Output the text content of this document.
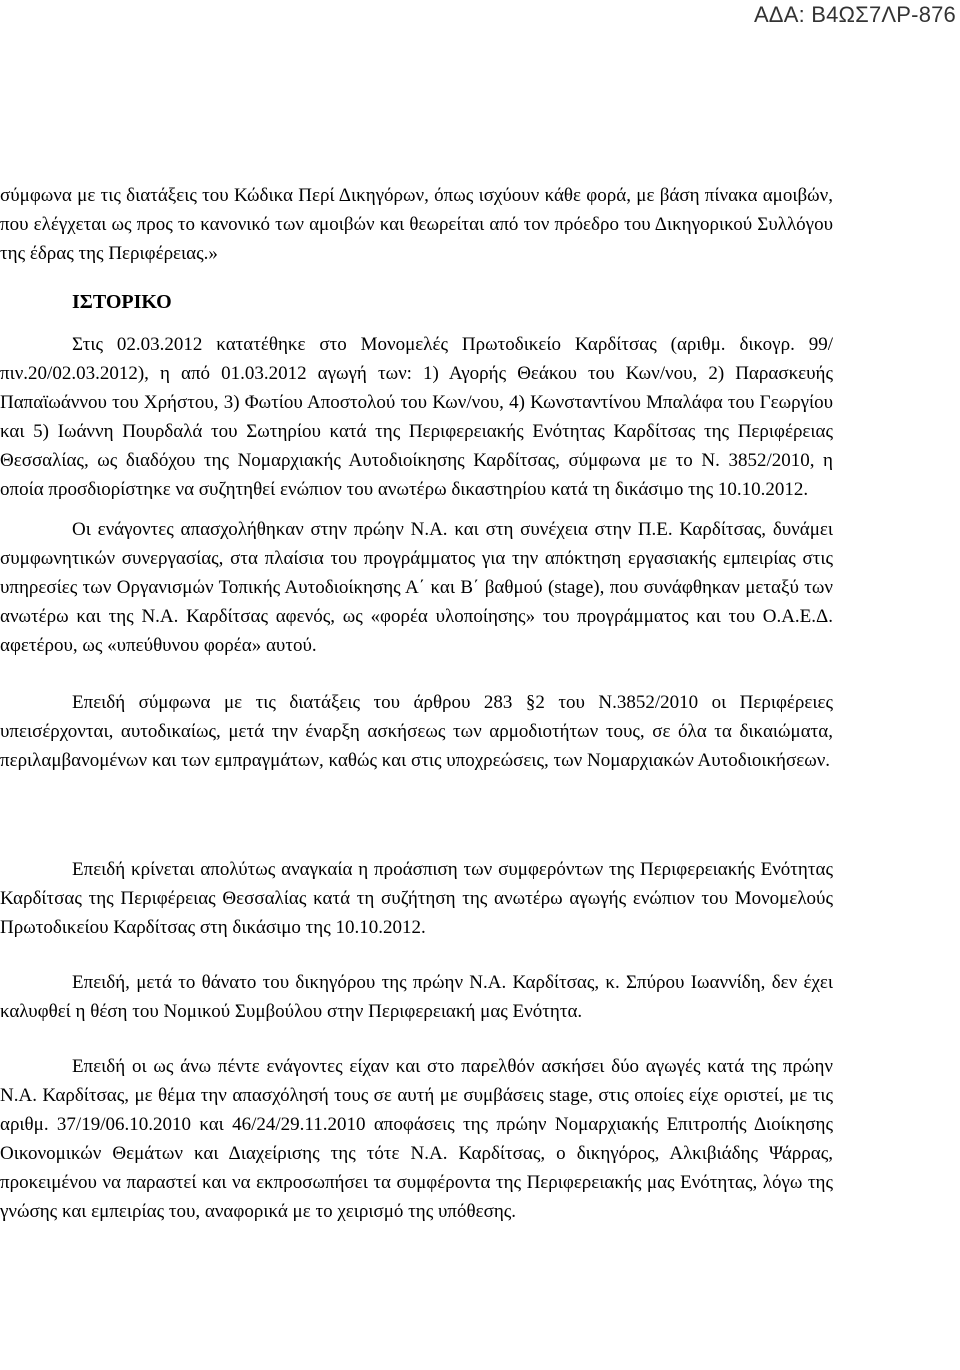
ΑΔΑ: Β4ΩΣ7ΛΡ-876

σύμφωνα με τις διατάξεις του Κώδικα Περί Δικηγόρων, όπως ισχύουν κάθε φορά, με βάση πίνακα αμοιβών, που ελέγχεται ως προς το κανονικό των αμοιβών και θεωρείται από τον πρόεδρο του Δικηγορικού Συλλόγου της έδρας της Περιφέρειας.»

ΙΣΤΟΡΙΚΟ

Στις 02.03.2012 κατατέθηκε στο Μονομελές Πρωτοδικείο Καρδίτσας (αριθμ. δικογρ. 99/πιν.20/02.03.2012), η από 01.03.2012 αγωγή των: 1) Αγορής Θεάκου του Κων/νου, 2) Παρασκευής Παπαϊωάννου του Χρήστου, 3) Φωτίου Αποστολού του Κων/νου, 4) Κωνσταντίνου Μπαλάφα του Γεωργίου και 5) Ιωάννη Πουρδαλά του Σωτηρίου κατά της Περιφερειακής Ενότητας Καρδίτσας της Περιφέρειας Θεσσαλίας, ως διαδόχου της Νομαρχιακής Αυτοδιοίκησης Καρδίτσας, σύμφωνα με το Ν. 3852/2010, η οποία προσδιορίστηκε να συζητηθεί ενώπιον του ανωτέρω δικαστηρίου κατά τη δικάσιμο της 10.10.2012.

Οι ενάγοντες απασχολήθηκαν στην πρώην Ν.Α. και στη συνέχεια στην Π.Ε. Καρδίτσας, δυνάμει συμφωνητικών συνεργασίας, στα πλαίσια του προγράμματος για την απόκτηση εργασιακής εμπειρίας στις υπηρεσίες των Οργανισμών Τοπικής Αυτοδιοίκησης Α΄ και Β΄ βαθμού (stage), που συνάφθηκαν μεταξύ των ανωτέρω και της Ν.Α. Καρδίτσας αφενός, ως «φορέα υλοποίησης» του προγράμματος και του Ο.Α.Ε.Δ. αφετέρου, ως «υπεύθυνου φορέα» αυτού.

Επειδή σύμφωνα με τις διατάξεις του άρθρου 283 §2 του Ν.3852/2010 οι Περιφέρειες υπεισέρχονται, αυτοδικαίως, μετά την έναρξη ασκήσεως των αρμοδιοτήτων τους, σε όλα τα δικαιώματα, περιλαμβανομένων και των εμπραγμάτων, καθώς και στις υποχρεώσεις, των Νομαρχιακών Αυτοδιοικήσεων.

Επειδή κρίνεται απολύτως αναγκαία η προάσπιση των συμφερόντων της Περιφερειακής Ενότητας Καρδίτσας της Περιφέρειας Θεσσαλίας κατά τη συζήτηση της ανωτέρω αγωγής ενώπιον του Μονομελούς Πρωτοδικείου Καρδίτσας στη δικάσιμο της 10.10.2012.

Επειδή, μετά το θάνατο του δικηγόρου της πρώην Ν.Α. Καρδίτσας, κ. Σπύρου Ιωαννίδη, δεν έχει καλυφθεί η θέση του Νομικού Συμβούλου στην Περιφερειακή μας Ενότητα.

Επειδή οι ως άνω πέντε ενάγοντες είχαν και στο παρελθόν ασκήσει δύο αγωγές κατά της πρώην Ν.Α. Καρδίτσας, με θέμα την απασχόλησή τους σε αυτή με συμβάσεις stage, στις οποίες είχε οριστεί, με τις αριθμ. 37/19/06.10.2010 και 46/24/29.11.2010 αποφάσεις της πρώην Νομαρχιακής Επιτροπής Διοίκησης Οικονομικών Θεμάτων και Διαχείρισης της τότε Ν.Α. Καρδίτσας, ο δικηγόρος, Αλκιβιάδης Ψάρρας, προκειμένου να παραστεί και να εκπροσωπήσει τα συμφέροντα της Περιφερειακής μας Ενότητας, λόγω της γνώσης και εμπειρίας του, αναφορικά με το χειρισμό της υπόθεσης.
